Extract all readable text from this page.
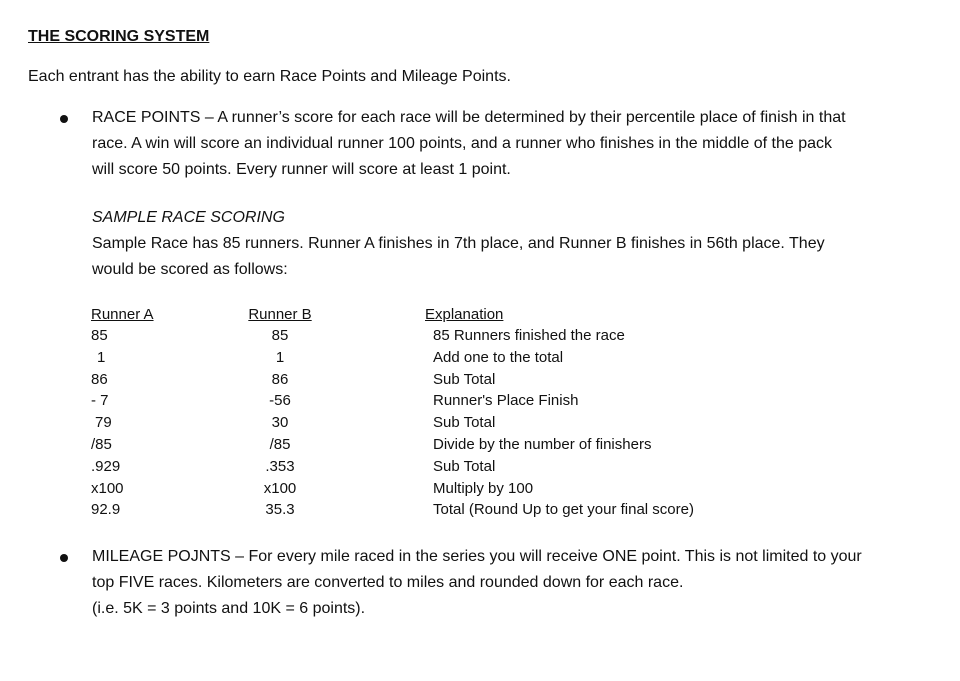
THE SCORING SYSTEM
Each entrant has the ability to earn Race Points and Mileage Points.
RACE POINTS – A runner’s score for each race will be determined by their percentile place of finish in that
race. A win will score an individual runner 100 points, and a runner who finishes in the middle of the pack
will score 50 points. Every runner will score at least 1 point.
SAMPLE RACE SCORING
Sample Race has 85 runners. Runner A finishes in 7th place, and Runner B finishes in 56th place. They
would be scored as follows:
Runner A
85
1
86
- 7
79
/85
.929
x100
92.9
Runner B
85
1
86
-56
30
/85
.353
x100
35.3
Explanation
85 Runners finished the race
Add one to the total
Sub Total
Runner's Place Finish
Sub Total
Divide by the number of finishers
Sub Total
Multiply by 100
Total (Round Up to get your final score)
MILEAGE POJNTS – For every mile raced in the series you will receive ONE point. This is not limited to your
top FIVE races. Kilometers are converted to miles and rounded down for each race.
(i.e. 5K = 3 points and 10K = 6 points).
